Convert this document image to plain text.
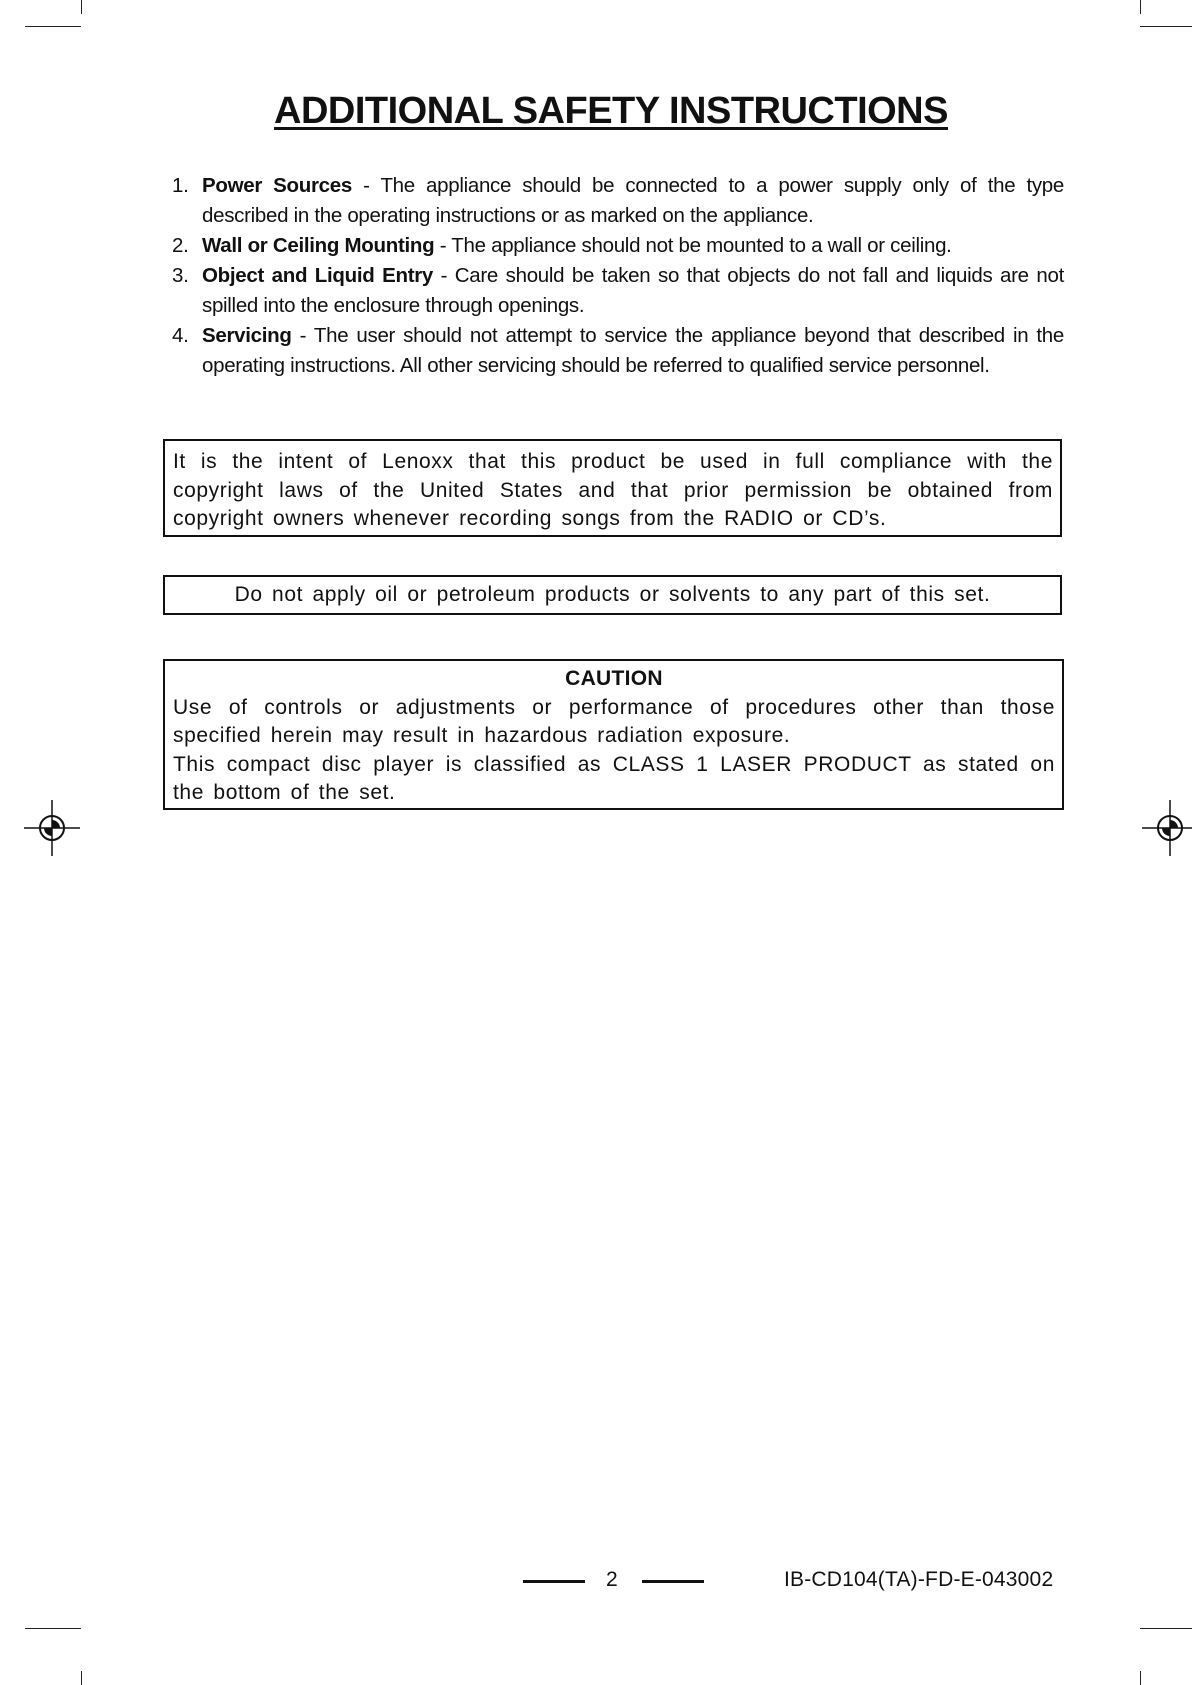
ADDITIONAL SAFETY INSTRUCTIONS
1. Power Sources - The appliance should be connected to a power supply only of the type described in the operating instructions or as marked on the appliance.
2. Wall or Ceiling Mounting - The appliance should not be mounted to a wall or ceiling.
3. Object and Liquid Entry - Care should be taken so that objects do not fall and liquids are not spilled into the enclosure through openings.
4. Servicing - The user should not attempt to service the appliance beyond that described in the operating instructions. All other servicing should be referred to qualified service personnel.

It is the intent of Lenoxx that this product be used in full compliance with the copyright laws of the United States and that prior permission be obtained from copyright owners whenever recording songs from the RADIO or CD’s.

Do not apply oil or petroleum products or solvents to any part of this set.
CAUTION

Use of controls or adjustments or performance of procedures other than those specified herein may result in hazardous radiation exposure.

This compact disc player is classified as CLASS 1 LASER PRODUCT as stated on the bottom of the set.

2	IB-CD104(TA)-FD-E-043002
